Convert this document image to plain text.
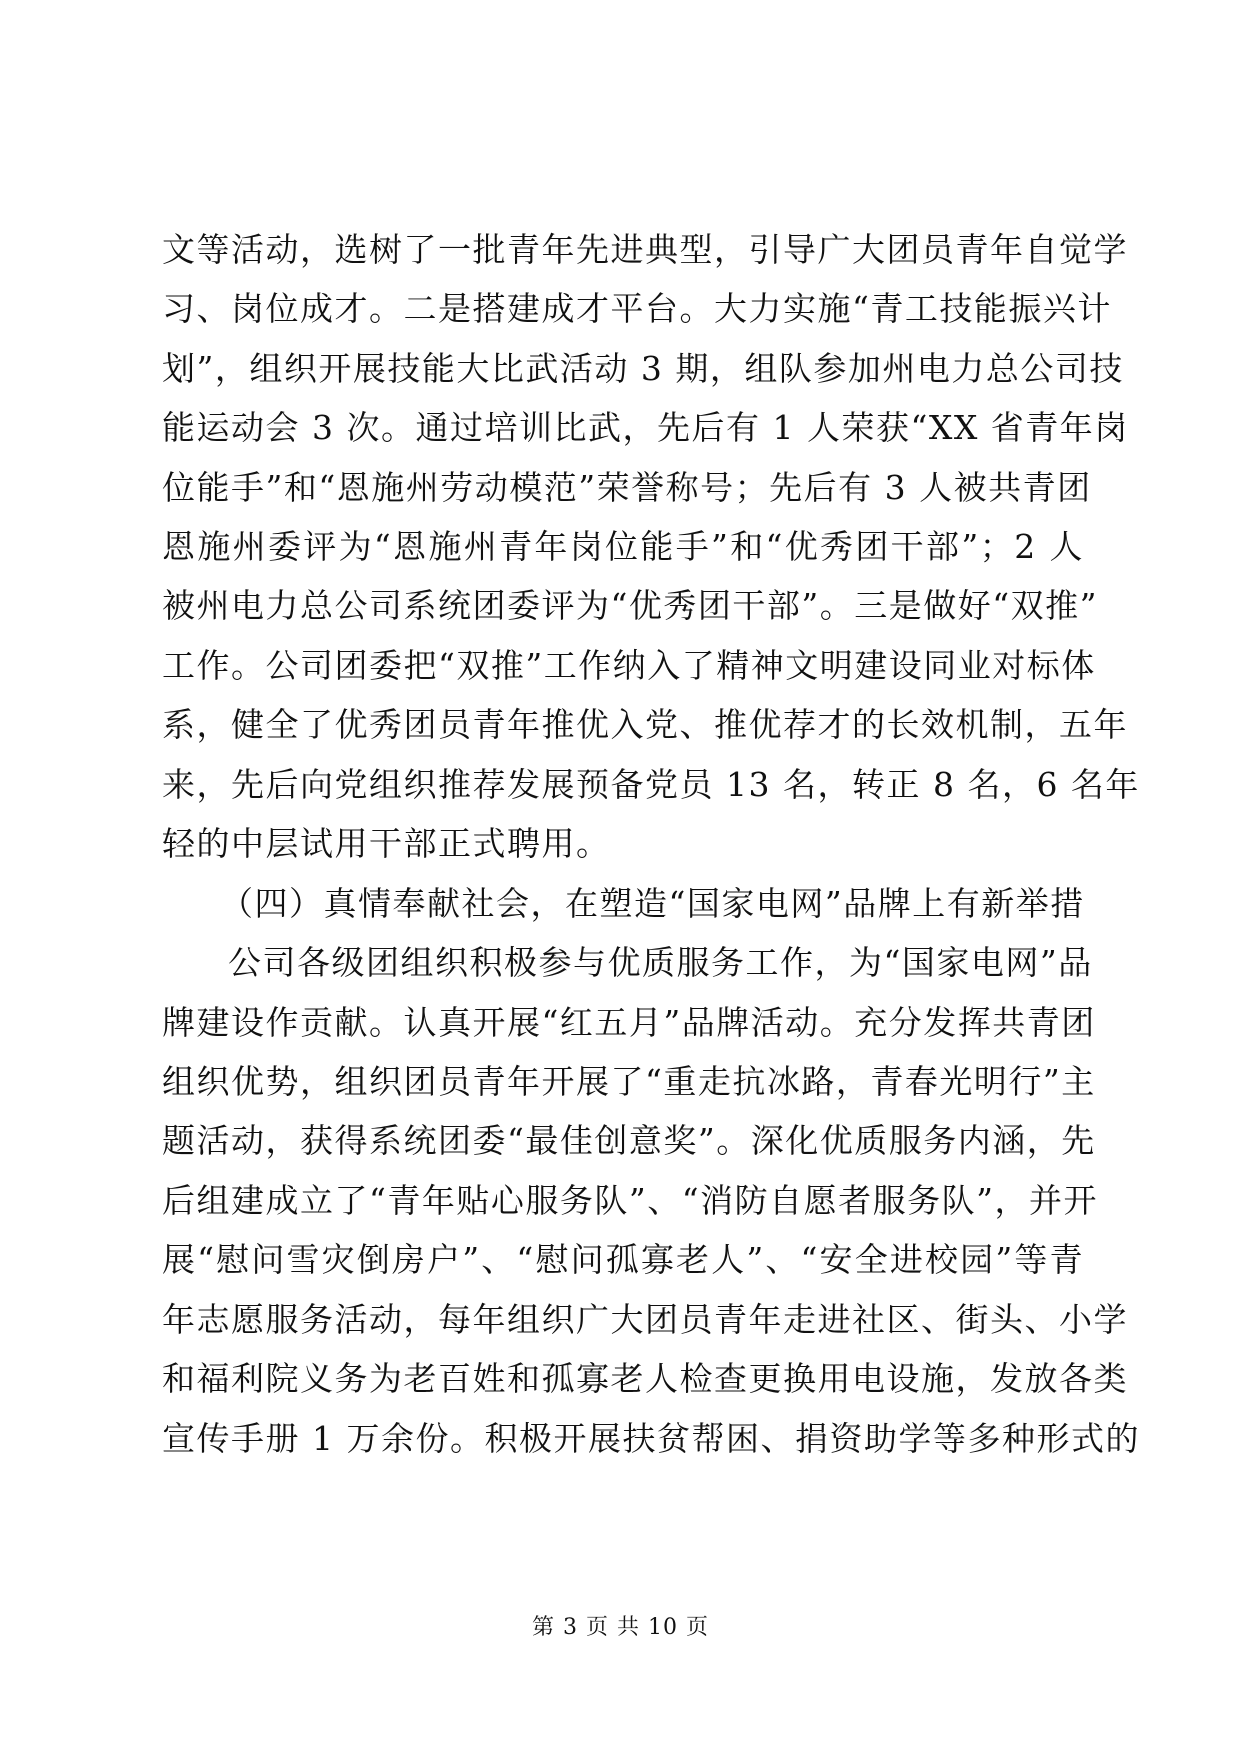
文等活动，选树了一批青年先进典型，引导广大团员青年自觉学
习、岗位成才。二是搭建成才平台。大力实施“青工技能振兴计
划”，组织开展技能大比武活动 3 期，组队参加州电力总公司技
能运动会 3 次。通过培训比武，先后有 1 人荣获“XX 省青年岗
位能手”和“恩施州劳动模范”荣誉称号；先后有 3 人被共青团
恩施州委评为“恩施州青年岗位能手”和“优秀团干部”；2 人
被州电力总公司系统团委评为“优秀团干部”。三是做好“双推”
工作。公司团委把“双推”工作纳入了精神文明建设同业对标体
系，健全了优秀团员青年推优入党、推优荐才的长效机制，五年
来，先后向党组织推荐发展预备党员 13 名，转正 8 名，6 名年
轻的中层试用干部正式聘用。
（四）真情奉献社会，在塑造“国家电网”品牌上有新举措
公司各级团组织积极参与优质服务工作，为“国家电网”品
牌建设作贡献。认真开展“红五月”品牌活动。充分发挥共青团
组织优势，组织团员青年开展了“重走抗冰路，青春光明行”主
题活动，获得系统团委“最佳创意奖”。深化优质服务内涵，先
后组建成立了“青年贴心服务队”、“消防自愿者服务队”，并开
展“慰问雪灾倒房户”、“慰问孤寡老人”、“安全进校园”等青
年志愿服务活动，每年组织广大团员青年走进社区、街头、小学
和福利院义务为老百姓和孤寡老人检查更换用电设施，发放各类
宣传手册 1 万余份。积极开展扶贫帮困、捐资助学等多种形式的
第 3 页 共 10 页
